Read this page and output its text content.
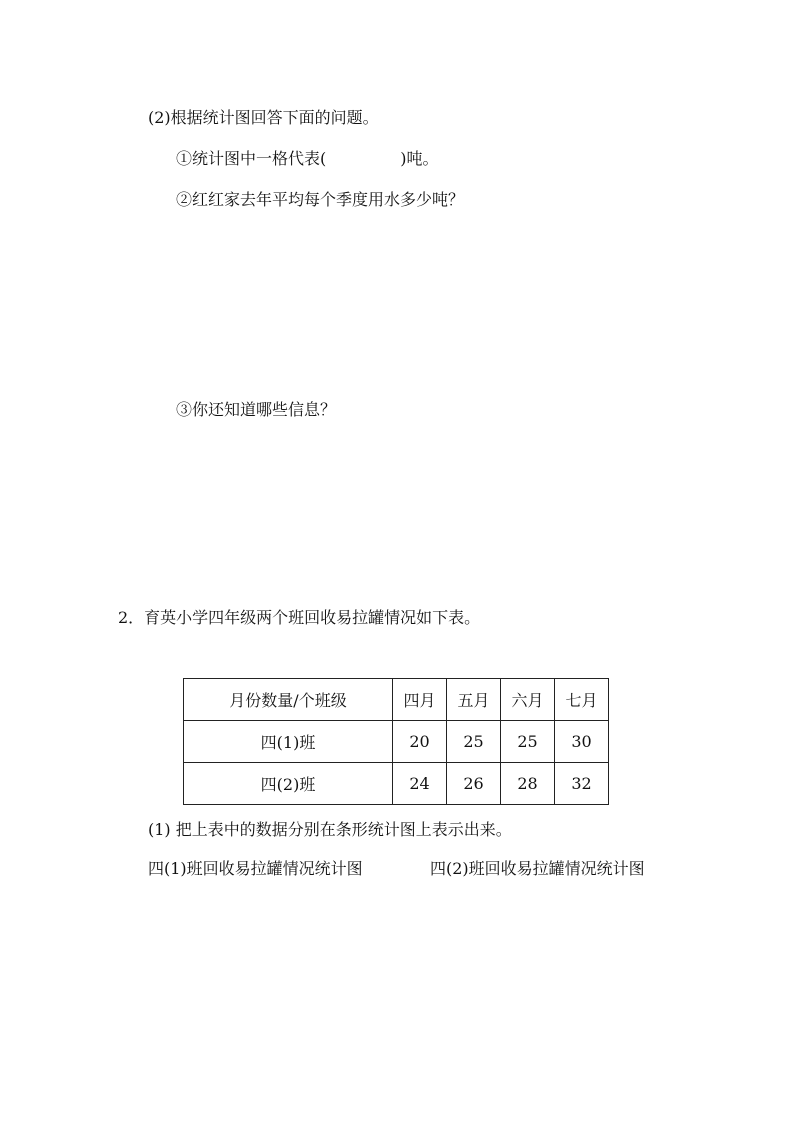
(2)根据统计图回答下面的问题。
①统计图中一格代表(	)吨。
②红红家去年平均每个季度用水多少吨？
③你还知道哪些信息？
2．育英小学四年级两个班回收易拉罐情况如下表。
月份数量/个班级	四月	五月	六月	七月
四(1)班	20	25	25	30
四(2)班	24	26	28	32
(1) 把上表中的数据分别在条形统计图上表示出来。
四(1)班回收易拉罐情况统计图	四(2)班回收易拉罐情况统计图
